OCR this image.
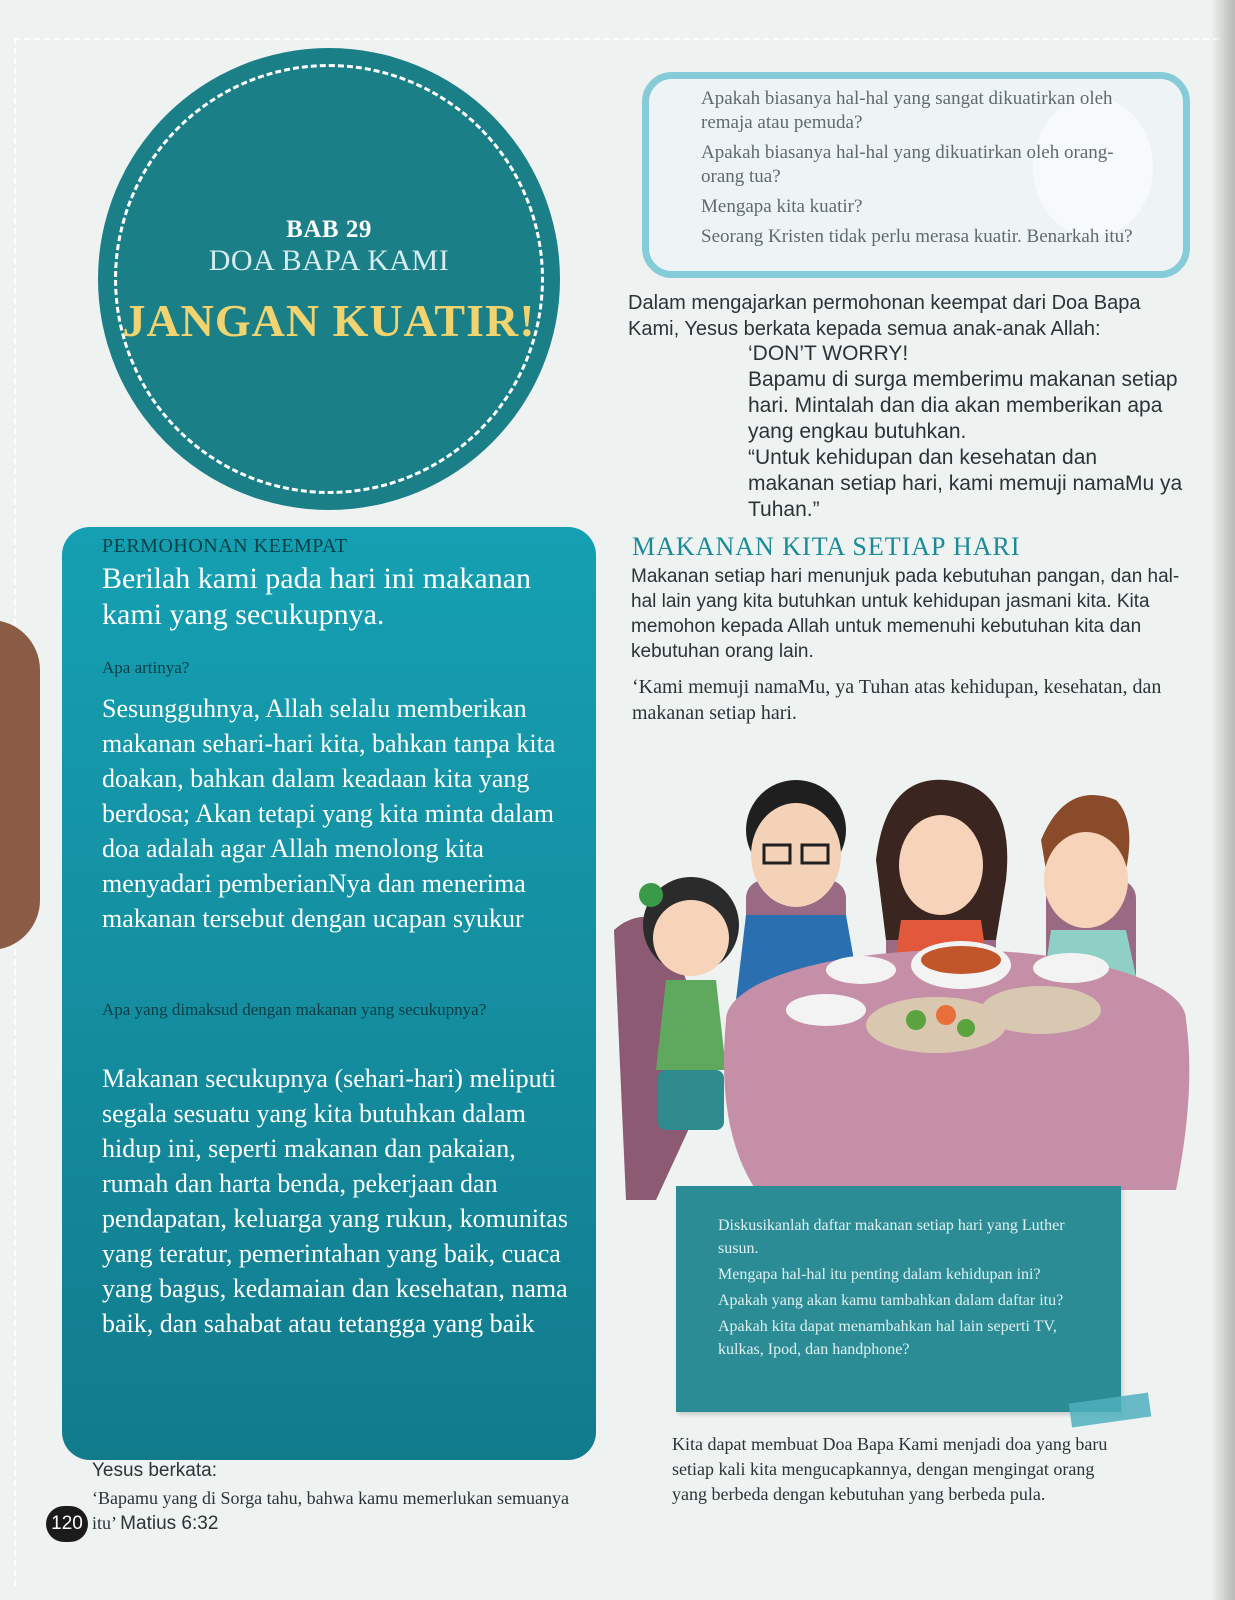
BAB 29
DOA BAPA KAMI
JANGAN KUATIR!

Apakah biasanya hal-hal yang sangat dikuatirkan oleh remaja atau pemuda?

Apakah biasanya hal-hal yang dikuatirkan oleh orang-orang tua?

Mengapa kita kuatir?

Seorang Kristen tidak perlu merasa kuatir. Benarkah itu?

Dalam mengajarkan permohonan keempat dari Doa Bapa Kami, Yesus berkata kepada semua anak-anak Allah:

‘DON’T WORRY!

Bapamu di surga memberimu makanan setiap hari. Mintalah dan dia akan memberikan apa yang engkau butuhkan.

“Untuk kehidupan dan kesehatan dan makanan setiap hari, kami memuji namaMu ya Tuhan.”

PERMOHONAN KEEMPAT
Berilah kami pada hari ini makanan kami yang secukupnya.
Apa artinya?
Sesungguhnya, Allah selalu memberikan makanan sehari-hari kita, bahkan tanpa kita doakan, bahkan dalam keadaan kita yang berdosa; Akan tetapi yang kita minta dalam doa adalah agar Allah menolong kita menyadari pemberianNya dan menerima makanan tersebut dengan ucapan syukur
Apa yang dimaksud dengan makanan yang secukupnya?
Makanan secukupnya (sehari-hari) meliputi segala sesuatu yang kita butuhkan dalam hidup ini, seperti makanan dan pakaian, rumah dan harta benda, pekerjaan dan pendapatan, keluarga yang rukun, komunitas yang teratur, pemerintahan yang baik, cuaca yang bagus, kedamaian dan kesehatan, nama baik, dan sahabat atau tetangga yang baik
Yesus berkata:
‘Bapamu yang di Sorga tahu, bahwa kamu memerlukan semuanya itu’ Matius 6:32
120
MAKANAN KITA SETIAP HARI
Makanan setiap hari menunjuk pada kebutuhan pangan, dan hal-hal lain yang kita butuhkan untuk kehidupan jasmani kita. Kita memohon kepada Allah untuk memenuhi kebutuhan kita dan kebutuhan orang lain.
‘Kami memuji namaMu, ya Tuhan atas kehidupan, kesehatan, dan makanan setiap hari.

Diskusikanlah daftar makanan setiap hari yang Luther susun.

Mengapa hal-hal itu penting dalam kehidupan ini?

Apakah yang akan kamu tambahkan dalam daftar itu?

Apakah kita dapat menambahkan hal lain seperti TV, kulkas, Ipod, dan handphone?

Kita dapat membuat Doa Bapa Kami menjadi doa yang baru setiap kali kita mengucapkannya, dengan mengingat orang yang berbeda dengan kebutuhan yang berbeda pula.
